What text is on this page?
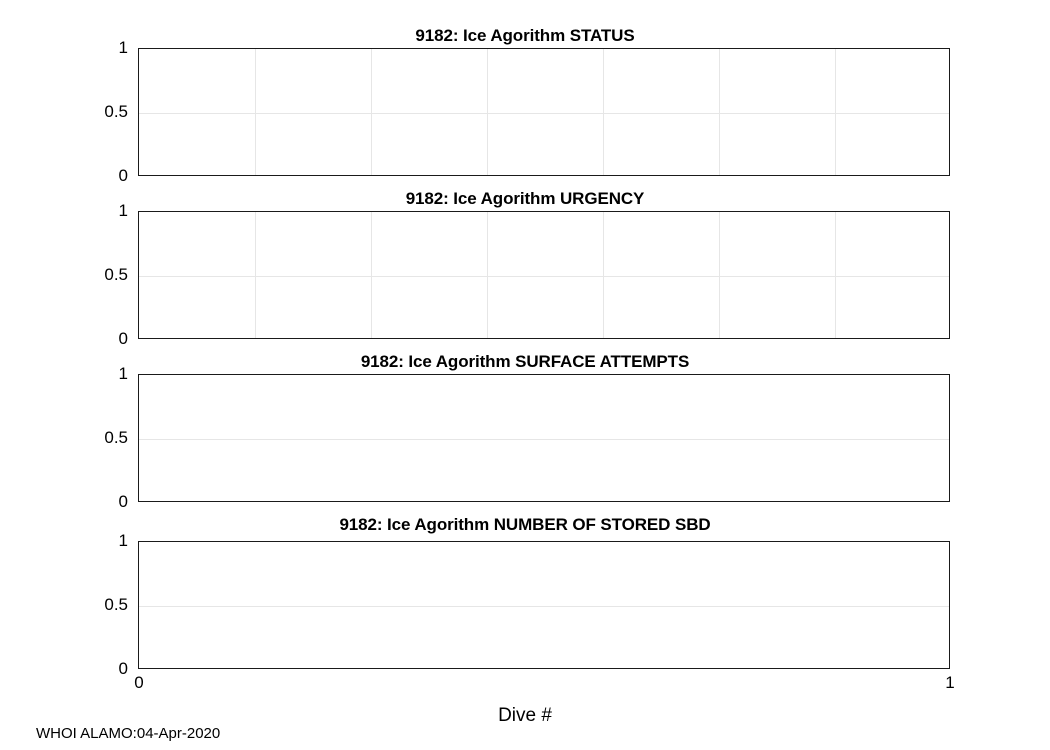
9182: Ice Agorithm STATUS
1
0.5
0
9182: Ice Agorithm URGENCY
1
0.5
0
9182: Ice Agorithm SURFACE ATTEMPTS
1
0.5
0
9182: Ice Agorithm NUMBER OF STORED SBD
1
0.5
0
0	1
Dive #
WHOI ALAMO:04-Apr-2020
